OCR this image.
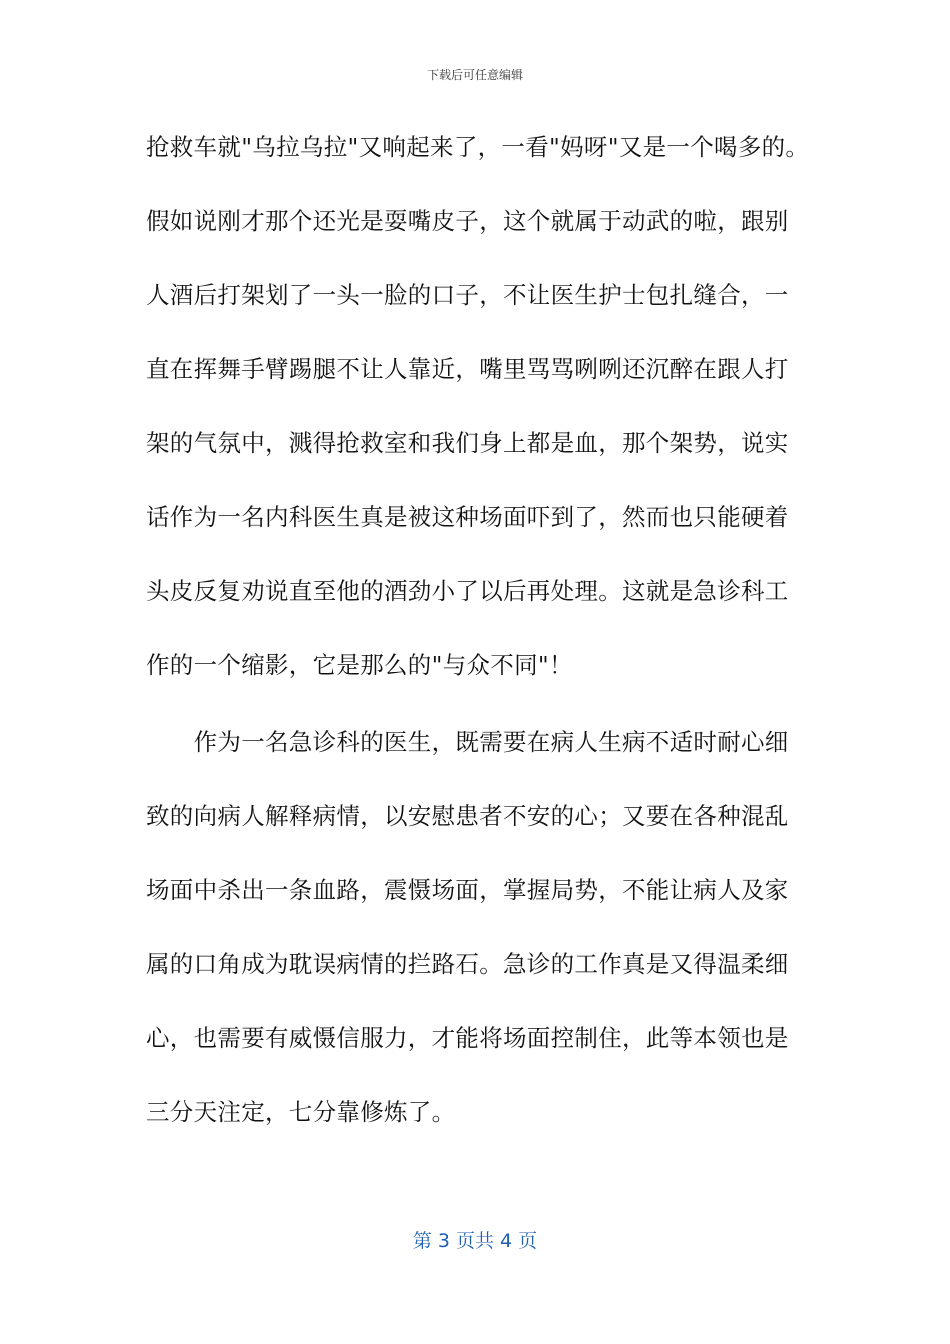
下载后可任意编辑
抢救车就"乌拉乌拉"又响起来了，一看"妈呀"又是一个喝多的。
假如说刚才那个还光是耍嘴皮子，这个就属于动武的啦，跟别
人酒后打架划了一头一脸的口子，不让医生护士包扎缝合，一
直在挥舞手臂踢腿不让人靠近，嘴里骂骂咧咧还沉醉在跟人打
架的气氛中，溅得抢救室和我们身上都是血，那个架势，说实
话作为一名内科医生真是被这种场面吓到了，然而也只能硬着
头皮反复劝说直至他的酒劲小了以后再处理。这就是急诊科工
作的一个缩影，它是那么的"与众不同"！
　　作为一名急诊科的医生，既需要在病人生病不适时耐心细
致的向病人解释病情，以安慰患者不安的心；又要在各种混乱
场面中杀出一条血路，震慑场面，掌握局势，不能让病人及家
属的口角成为耽误病情的拦路石。急诊的工作真是又得温柔细
心，也需要有威慑信服力，才能将场面控制住，此等本领也是
三分天注定，七分靠修炼了。
第 3 页共 4 页
